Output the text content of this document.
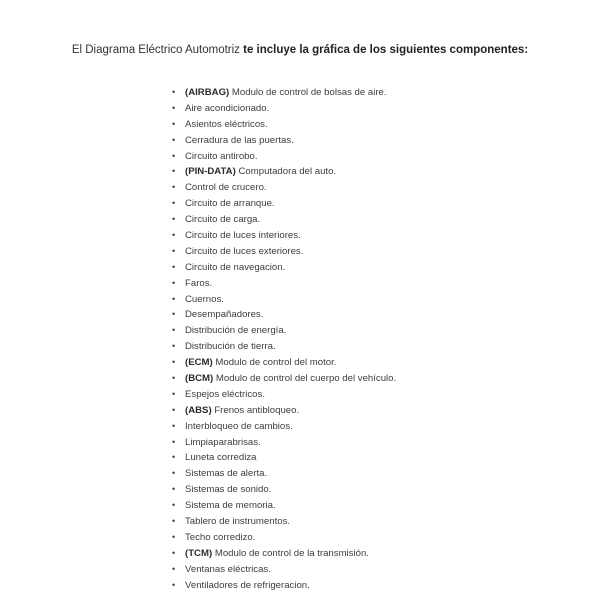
El Diagrama Eléctrico Automotriz te incluye la gráfica de los siguientes componentes:
• (AIRBAG) Modulo de control de bolsas de aire.
• Aire acondicionado.
• Asientos eléctricos.
• Cerradura de las puertas.
• Circuito antirobo.
• (PIN-DATA) Computadora del auto.
• Control de crucero.
• Circuito de arranque.
• Circuito de carga.
• Circuito de luces interiores.
• Circuito de luces exteriores.
• Circuito de navegacion.
• Faros.
• Cuernos.
• Desempañadores.
• Distribución de energía.
• Distribución de tierra.
• (ECM) Modulo de control del motor.
• (BCM) Modulo de control del cuerpo del vehículo.
• Espejos eléctricos.
• (ABS) Frenos antibloqueo.
• Interbloqueo de cambios.
• Limpiaparabrisas.
• Luneta corrediza
• Sistemas de alerta.
• Sistemas de sonido.
• Sistema de memoria.
• Tablero de instrumentos.
• Techo corredizo.
• (TCM) Modulo de control de la transmisión.
• Ventanas eléctricas.
• Ventiladores de refrigeracion.
